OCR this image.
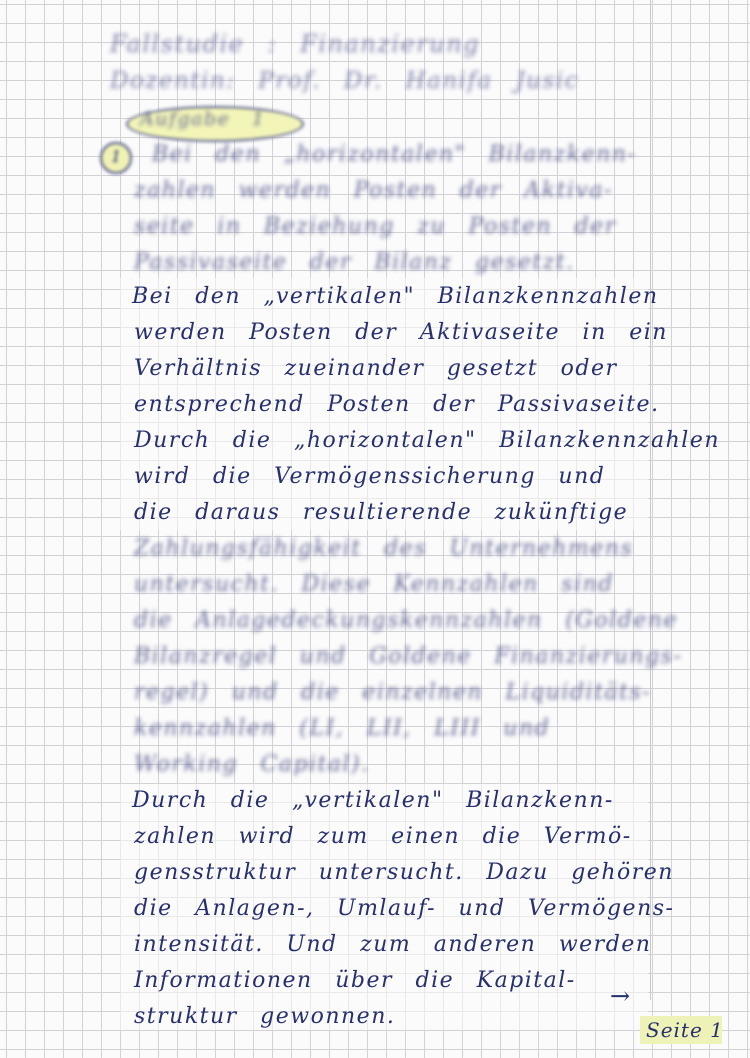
Fallstudie : Finanzierung
Dozentin: Prof. Dr. Hanifa Jusic
Aufgabe 1
1 Bei den „horizontalen" Bilanzkenn-
zahlen werden Posten der Aktiva-
seite in Beziehung zu Posten der
Passivaseite der Bilanz gesetzt.
Bei den „vertikalen" Bilanzkennzahlen
werden Posten der Aktivaseite in ein
Verhältnis zueinander gesetzt oder
entsprechend Posten der Passivaseite.
Durch die „horizontalen" Bilanzkennzahlen
wird die Vermögenssicherung und
die daraus resultierende zukünftige
Zahlungsfähigkeit des Unternehmens
untersucht. Diese Kennzahlen sind
die Anlagedeckungskennzahlen (Goldene
Bilanzregel und Goldene Finanzierungs-
regel) und die einzelnen Liquiditäts-
kennzahlen (LI, LII, LIII und
Working Capital).
Durch die „vertikalen" Bilanzkenn-
zahlen wird zum einen die Vermö-
gensstruktur untersucht. Dazu gehören
die Anlagen-, Umlauf- und Vermögens-
intensität. Und zum anderen werden
Informationen über die Kapital-
struktur gewonnen.
→
Seite 1
